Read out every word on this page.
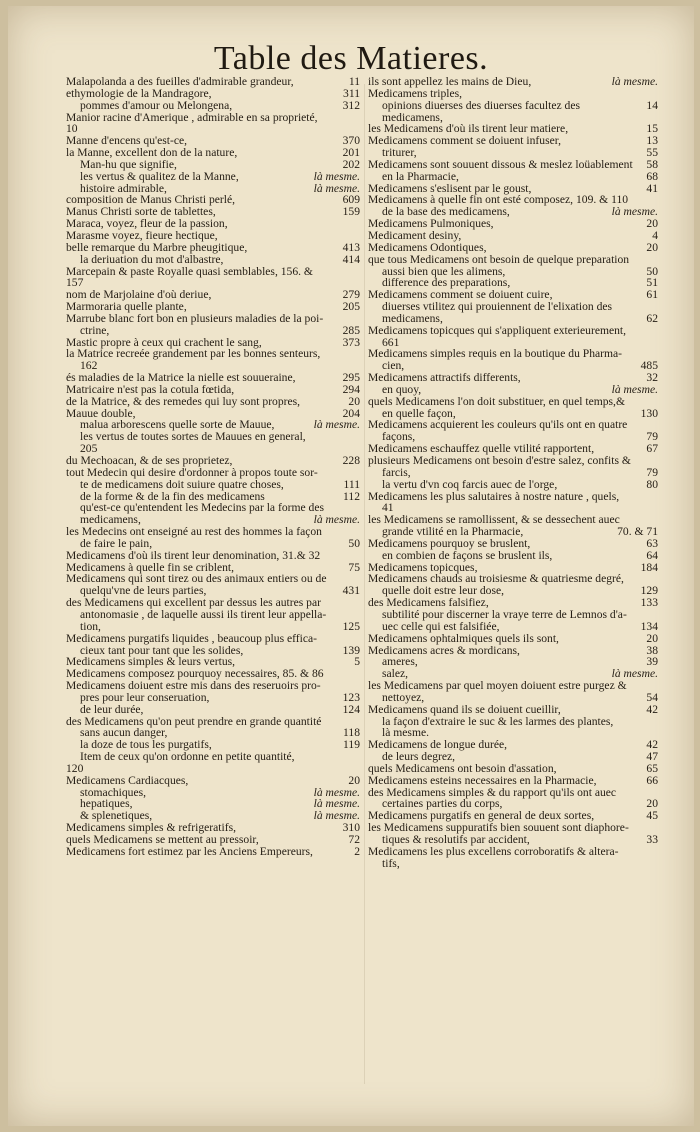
Table des Matieres.
Malapolanda a des fueilles d'admirable grandeur,	11
ethymologie de la Mandragore,	311
pommes d'amour ou Melongena,	312
Manior racine d'Amerique , admirable en sa proprieté,
10
Manne d'encens qu'est-ce,	370
la Manne, excellent don de la nature,	201
Man-hu que signifie,	202
les vertus & qualitez de la Manne,	là mesme.
histoire admirable,	là mesme.
composition de Manus Christi perlé,	609
Manus Christi sorte de tablettes,	159
Maraca, voyez, fleur de la passion,
Marasme voyez, fieure hectique,
belle remarque du Marbre pheugitique,	413
la deriuation du mot d'albastre,	414
Marcepain & paste Royalle quasi semblables, 156. &
157
nom de Marjolaine d'où deriue,	279
Marmoraria quelle plante,	205
Marrube blanc fort bon en plusieurs maladies de la poi-
ctrine,	285
Mastic propre à ceux qui crachent le sang,	373
la Matrice recreée grandement par les bonnes senteurs,
162
és maladies de la Matrice la nielle est souueraine,	295
Matricaire n'est pas la cotula fœtida,	294
de la Matrice, & des remedes qui luy sont propres,	20
Mauue double,	204
malua arborescens quelle sorte de Mauue,	là mesme.
les vertus de toutes sortes de Mauues en general,
205
du Mechoacan, & de ses proprietez,	228
tout Medecin qui desire d'ordonner à propos toute sor-
te de medicamens doit suiure quatre choses,	111
de la forme & de la fin des medicamens	112
qu'est-ce qu'entendent les Medecins par la forme des
medicamens,	là mesme.
les Medecins ont enseigné au rest des hommes la façon
de faire le pain,	50
Medicamens d'où ils tirent leur denomination, 31.& 32
Medicamens à quelle fin se criblent,	75
Medicamens qui sont tirez ou des animaux entiers ou de
quelqu'vne de leurs parties,	431
des Medicamens qui excellent par dessus les autres par
antonomasie , de laquelle aussi ils tirent leur appella-
tion,	125
Medicamens purgatifs liquides , beaucoup plus effica-
cieux tant pour tant que les solides,	139
Medicamens simples & leurs vertus,	5
Medicamens composez pourquoy necessaires, 85. & 86
Medicamens doiuent estre mis dans des reseruoirs pro-
pres pour leur conseruation,	123
de leur durée,	124
des Medicamens qu'on peut prendre en grande quantité
sans aucun danger,	118
la doze de tous les purgatifs,	119
Item de ceux qu'on ordonne en petite quantité,
120
Medicamens Cardiacques,	20
stomachiques,	là mesme.
hepatiques,	là mesme.
& splenetiques,	là mesme.
Medicamens simples & refrigeratifs,	310
quels Medicamens se mettent au pressoir,	72
Medicamens fort estimez par les Anciens Empereurs,	2
ils sont appellez les mains de Dieu,	là mesme.
Medicamens triples,
opinions diuerses des diuerses facultez des	14
medicamens,
les Medicamens d'où ils tirent leur matiere,	15
Medicamens comment se doiuent infuser,	13
triturer,	55
Medicamens sont souuent dissous & meslez loüablement	58
en la Pharmacie,	68
Medicamens s'eslisent par le goust,	41
Medicamens à quelle fin ont esté composez, 109. & 110
de la base des medicamens,	là mesme.
Medicamens Pulmoniques,	20
Medicament desiny,	4
Medicamens Odontiques,	20
que tous Medicamens ont besoin de quelque preparation
aussi bien que les alimens,	50
difference des preparations,	51
Medicamens comment se doiuent cuire,	61
diuerses vtilitez qui prouiennent de l'elixation des
medicamens,	62
Medicamens topicques qui s'appliquent exterieurement,
661
Medicamens simples requis en la boutique du Pharma-
cien,	485
Medicamens attractifs differents,	32
en quoy,	là mesme.
quels Medicamens l'on doit substituer, en quel temps,&
en quelle façon,	130
Medicamens acquierent les couleurs qu'ils ont en quatre
façons,	79
Medicamens eschauffez quelle vtilité rapportent,	67
plusieurs Medicamens ont besoin d'estre salez, confits &
farcis,	79
la vertu d'vn coq farcis auec de l'orge,	80
Medicamens les plus salutaires à nostre nature , quels,
41
les Medicamens se ramollissent, & se dessechent auec
grande vtilité en la Pharmacie,	70. & 71
Medicamens pourquoy se bruslent,	63
en combien de façons se bruslent ils,	64
Medicamens topicques,	184
Medicamens chauds au troisiesme & quatriesme degré,
quelle doit estre leur dose,	129
des Medicamens falsifiez,	133
subtilité pour discerner la vraye terre de Lemnos d'a-
uec celle qui est falsifiée,	134
Medicamens ophtalmiques quels ils sont,	20
Medicamens acres & mordicans,	38
ameres,	39
salez,	là mesme.
les Medicamens par quel moyen doiuent estre purgez &
nettoyez,	54
Medicamens quand ils se doiuent cueillir,	42
la façon d'extraire le suc & les larmes des plantes,
là mesme.
Medicamens de longue durée,	42
de leurs degrez,	47
quels Medicamens ont besoin d'assation,	65
Medicamens esteins necessaires en la Pharmacie,	66
des Medicamens simples & du rapport qu'ils ont auec
certaines parties du corps,	20
Medicamens purgatifs en general de deux sortes,	45
les Medicamens suppuratifs bien souuent sont diaphore-
tiques & resolutifs par accident,	33
Medicamens les plus excellens corroboratifs & altera-
tifs,
